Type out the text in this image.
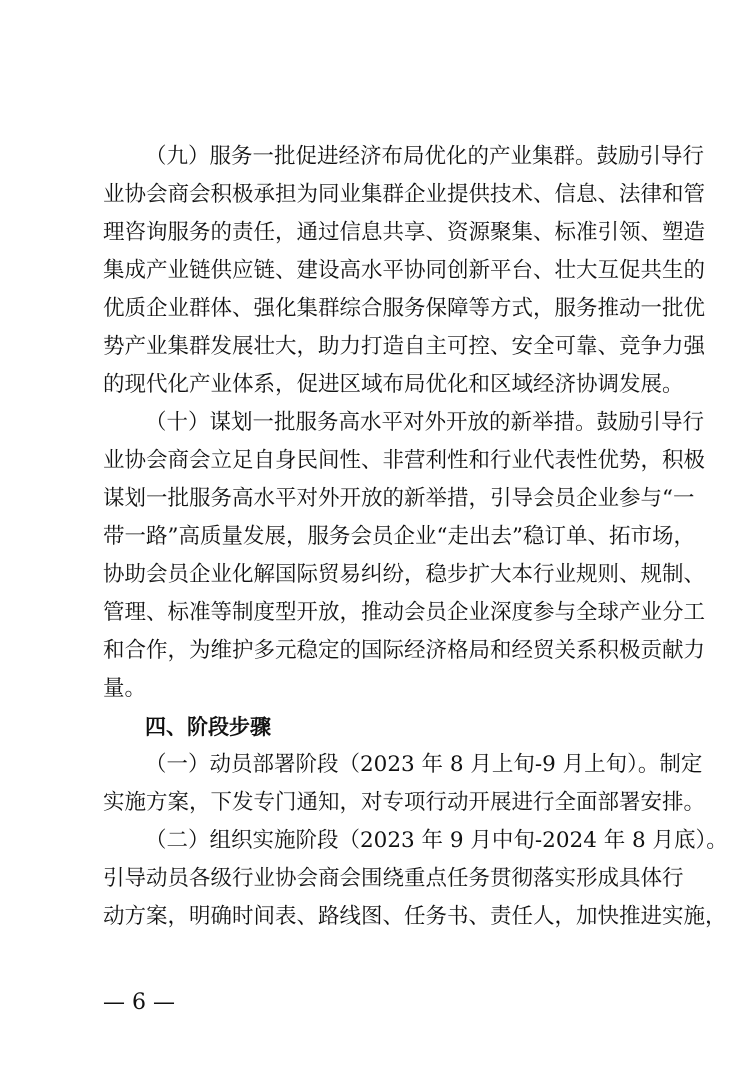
（九）服务一批促进经济布局优化的产业集群。鼓励引导行
业协会商会积极承担为同业集群企业提供技术、信息、法律和管
理咨询服务的责任，通过信息共享、资源聚集、标准引领、塑造
集成产业链供应链、建设高水平协同创新平台、壮大互促共生的
优质企业群体、强化集群综合服务保障等方式，服务推动一批优
势产业集群发展壮大，助力打造自主可控、安全可靠、竞争力强
的现代化产业体系，促进区域布局优化和区域经济协调发展。
（十）谋划一批服务高水平对外开放的新举措。鼓励引导行
业协会商会立足自身民间性、非营利性和行业代表性优势，积极
谋划一批服务高水平对外开放的新举措，引导会员企业参与“一
带一路”高质量发展，服务会员企业“走出去”稳订单、拓市场，
协助会员企业化解国际贸易纠纷，稳步扩大本行业规则、规制、
管理、标准等制度型开放，推动会员企业深度参与全球产业分工
和合作，为维护多元稳定的国际经济格局和经贸关系积极贡献力
量。
四、阶段步骤
（一）动员部署阶段（2023 年 8 月上旬-9 月上旬）。制定
实施方案，下发专门通知，对专项行动开展进行全面部署安排。
（二）组织实施阶段（2023 年 9 月中旬-2024 年 8 月底）。
引导动员各级行业协会商会围绕重点任务贯彻落实形成具体行
动方案，明确时间表、路线图、任务书、责任人，加快推进实施，
— 6 —
